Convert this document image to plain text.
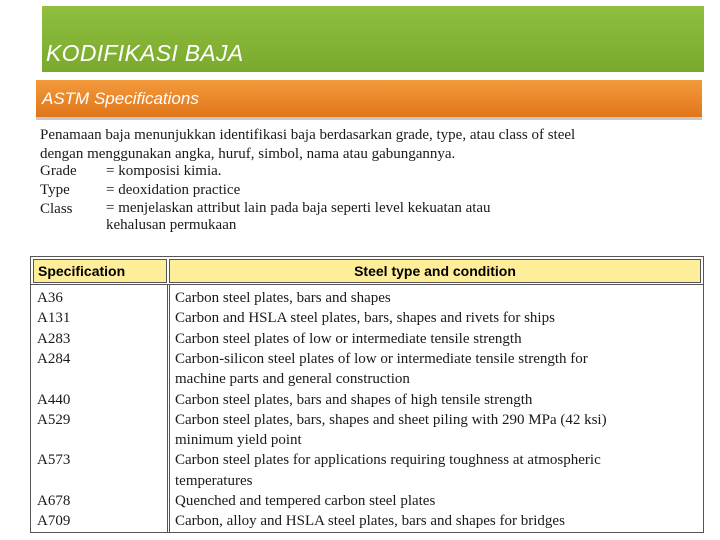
KODIFIKASI BAJA
ASTM Specifications

Penamaan baja menunjukkan identifikasi baja berdasarkan grade, type, atau class of steel

dengan menggunakan angka, huruf, simbol, nama atau gabungannya.

Grade = komposisi kimia.
Type = deoxidation practice
Class = menjelaskan attribut lain pada baja seperti level kekuatan atau
kehalusan permukaan
Specification	Steel type and condition
A36	Carbon steel plates, bars and shapes
A131	Carbon and HSLA steel plates, bars, shapes and rivets for ships
A283	Carbon steel plates of low or intermediate tensile strength
A284	Carbon-silicon steel plates of low or intermediate tensile strength for
machine parts and general construction
A440	Carbon steel plates, bars and shapes of high tensile strength
A529	Carbon steel plates, bars, shapes and sheet piling with 290 MPa (42 ksi)
minimum yield point
A573	Carbon steel plates for applications requiring toughness at atmospheric
temperatures
A678	Quenched and tempered carbon steel plates
A709	Carbon, alloy and HSLA steel plates, bars and shapes for bridges
